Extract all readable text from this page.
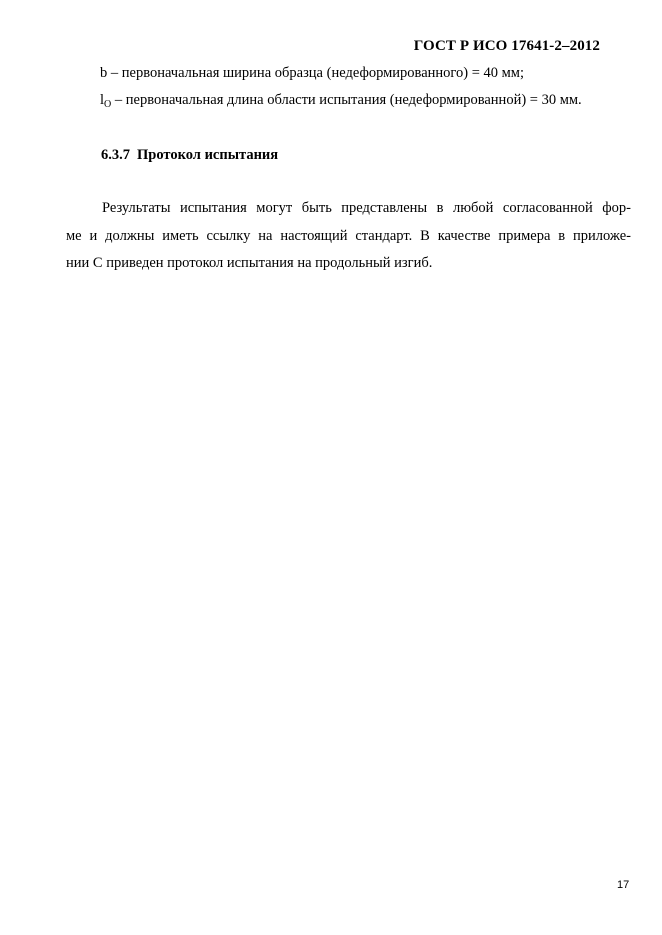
ГОСТ Р ИСО 17641-2–2012
b – первоначальная ширина образца (недеформированного) = 40 мм;
$l_O$ – первоначальная длина области испытания (недеформированной) = 30 мм.
6.3.7 Протокол испытания
Результаты испытания могут быть представлены в любой согласованной фор-
ме и должны иметь ссылку на настоящий стандарт. В качестве примера в приложе-
нии С приведен протокол испытания на продольный изгиб.
17
